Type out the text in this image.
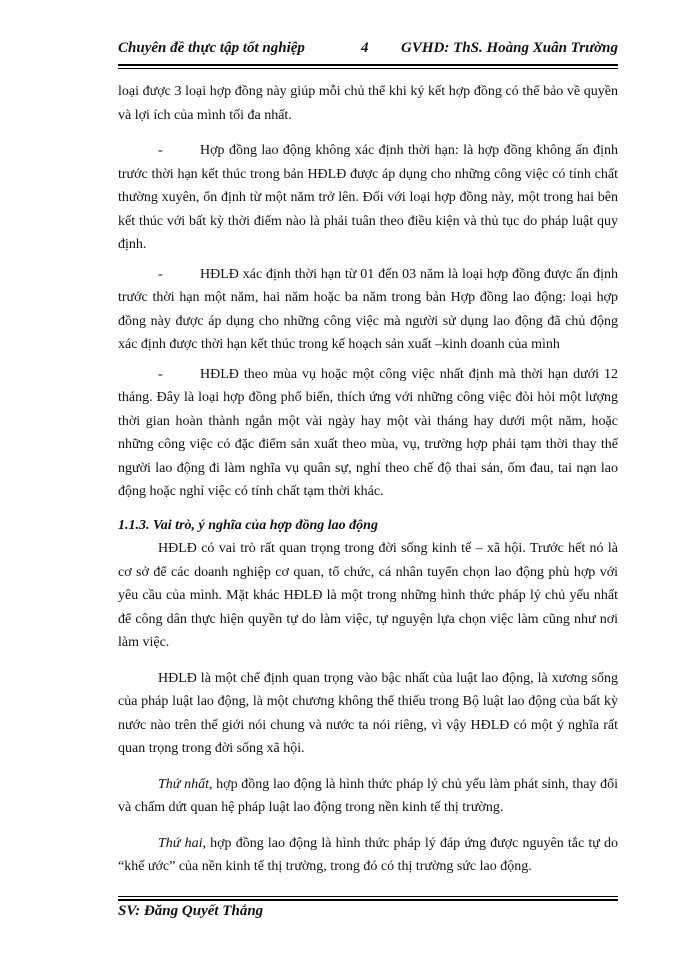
Chuyên đề thực tập tốt nghiệp	4 GVHD: ThS. Hoàng Xuân Trường

loại được 3 loại hợp đồng này giúp mỗi chủ thể khi ký kết hợp đồng có thể bảo về quyền và lợi ích của mình tối đa nhất.

-	Hợp đồng lao động không xác định thời hạn: là hợp đồng không ấn định trước thời hạn kết thúc trong bản HĐLĐ được áp dụng cho những công việc có tính chất thường xuyên, ổn định từ một năm trở lên. Đối với loại hợp đồng này, một trong hai bên kết thúc với bất kỳ thời điểm nào là phải tuân theo điều kiện và thủ tục do pháp luật quy định.

-	HĐLĐ xác định thời hạn từ 01 đến 03 năm là loại hợp đồng được ấn định trước thời hạn một năm, hai năm hoặc ba năm trong bản Hợp đồng lao động: loại hợp đồng này được áp dụng cho những công việc mà người sử dụng lao động đã chủ động xác định được thời hạn kết thúc trong kế hoạch sản xuất –kinh doanh của mình

-	HĐLĐ theo mùa vụ hoặc một công việc nhất định mà thời hạn dưới 12 tháng. Đây là loại hợp đồng phổ biến, thích ứng với những công việc đòi hỏi một lượng thời gian hoàn thành ngắn một vài ngày hay một vài tháng hay dưới một năm, hoặc những công việc có đặc điểm sản xuất theo mùa, vụ, trường hợp phải tạm thời thay thế người lao động đi làm nghĩa vụ quân sự, nghỉ theo chế độ thai sản, ốm đau, tai nạn lao động hoặc nghỉ việc có tính chất tạm thời khác.

1.1.3. Vai trò, ý nghĩa của hợp đồng lao động

HĐLĐ có vai trò rất quan trọng trong đời sống kinh tế – xã hội. Trước hết nó là cơ sở để các doanh nghiệp cơ quan, tổ chức, cá nhân tuyển chọn lao động phù hợp với yêu cầu của mình. Mặt khác HĐLĐ là một trong những hình thức pháp lý chủ yếu nhất để công dân thực hiện quyền tự do làm việc, tự nguyện lựa chọn việc làm cũng như nơi làm việc.

HĐLĐ là một chế định quan trọng vào bậc nhất của luật lao động, là xương sống của pháp luật lao động, là một chương không thể thiếu trong Bộ luật lao động của bất kỳ nước nào trên thế giới nói chung và nước ta nói riêng, vì vậy HĐLĐ có một ý nghĩa rất quan trọng trong đời sống xã hội.

Thứ nhất, hợp đồng lao động là hình thức pháp lý chủ yếu làm phát sinh, thay đổi và chấm dứt quan hệ pháp luật lao động trong nền kinh tế thị trường.

Thứ hai, hợp đồng lao động là hình thức pháp lý đáp ứng được nguyên tắc tự do “khế ước” của nền kinh tế thị trường, trong đó có thị trường sức lao động.

SV: Đăng Quyết Thắng
